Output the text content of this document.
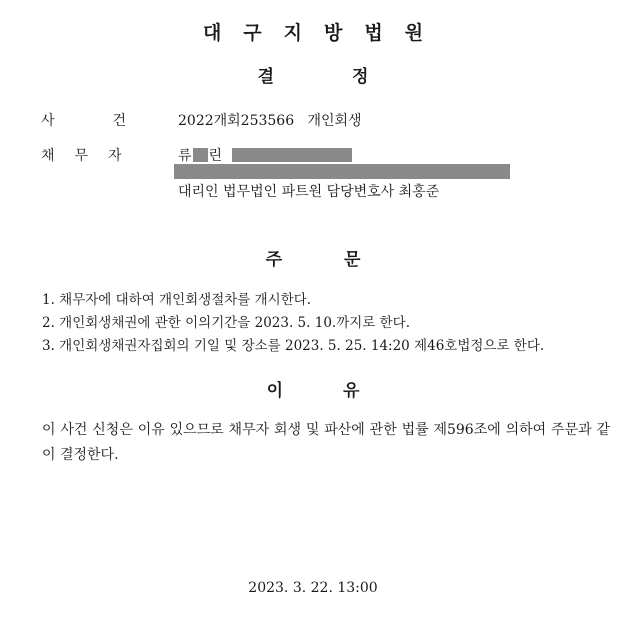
대구지방법원
결정
사건
2022개회253566   개인회생
채무자	류 린
대리인 법무법인 파트원 담당변호사 최홍준
주문
1. 채무자에 대하여 개인회생절차를 개시한다.
2. 개인회생채권에 관한 이의기간을 2023. 5. 10.까지로 한다.
3. 개인회생채권자집회의 기일 및 장소를 2023. 5. 25. 14:20 제46호법정으로 한다.
이유
이 사건 신청은 이유 있으므로 채무자 회생 및 파산에 관한 법률 제596조에 의하여 주문과 같이 결정한다.
2023. 3. 22. 13:00
